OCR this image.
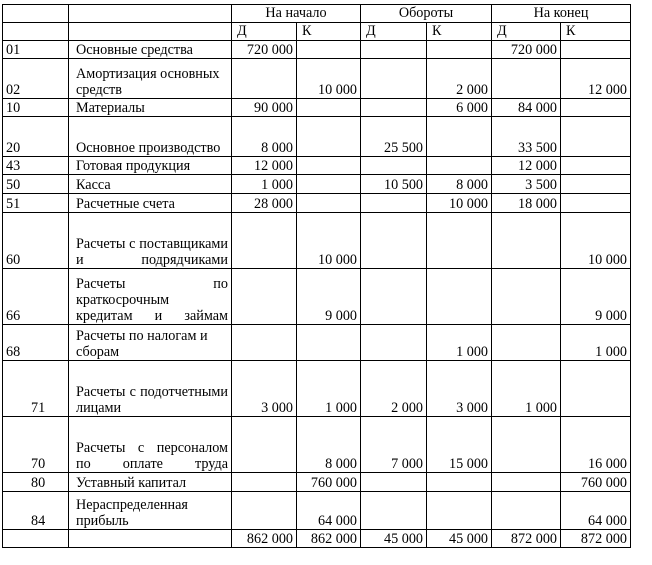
		На начало		Обороты		На конец	
		Д	К	Д	К	Д	К
01	Основные средства	720 000				720 000	
02	Амортизация основных средств		10 000		2 000		12 000
10	Материалы	90 000			6 000	84 000	
20	Основное производство	8 000		25 500		33 500	
43	Готовая продукция	12 000				12 000	
50	Касса	1 000		10 500	8 000	3 500	
51	Расчетные счета	28 000			10 000	18 000	
60	Расчеты с поставщиками и подрядчиками		10 000				10 000
66	Расчеты по краткосрочным кредитам и займам		9 000				9 000
68	Расчеты по налогам и сборам				1 000		1 000
71	Расчеты с подотчетными лицами	3 000	1 000	2 000	3 000	1 000	
70	Расчеты с персоналом по оплате труда		8 000	7 000	15 000		16 000
80	Уставный капитал		760 000				760 000
84	Нераспределенная прибыль		64 000				64 000
		862 000	862 000	45 000	45 000	872 000	872 000
